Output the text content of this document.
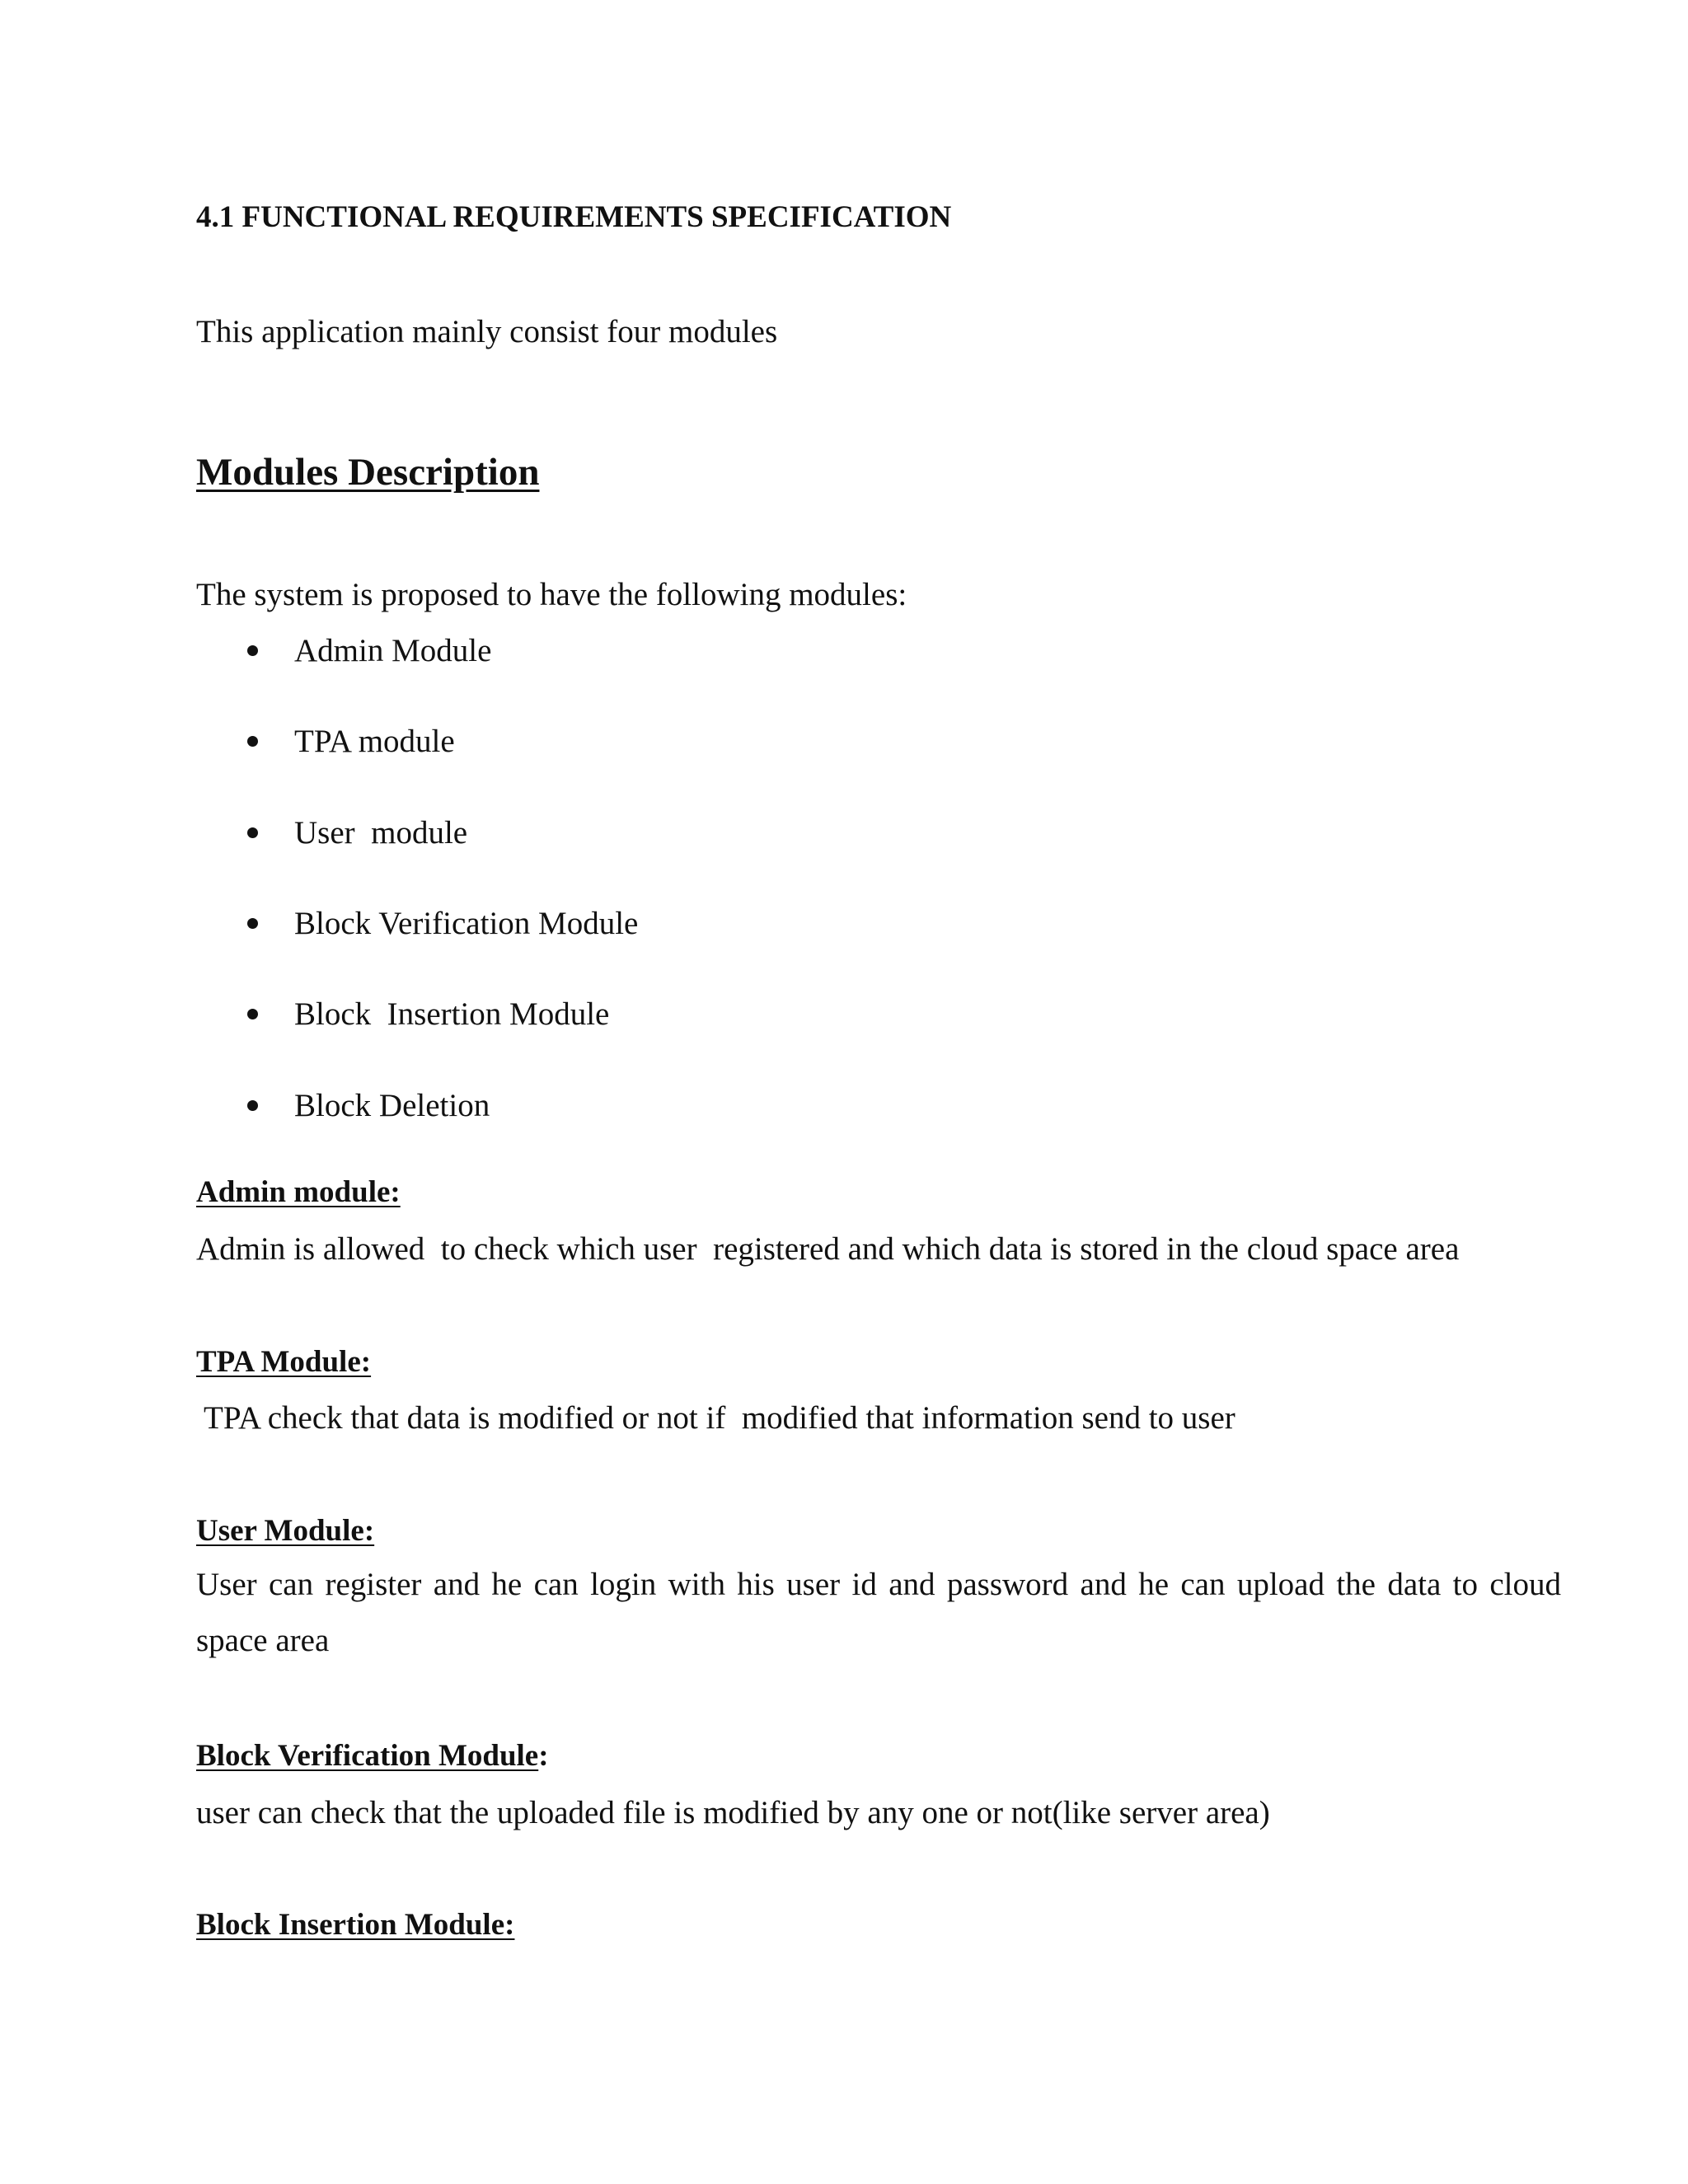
4.1 FUNCTIONAL REQUIREMENTS SPECIFICATION
This application mainly consist four modules
Modules Description
The system is proposed to have the following modules:
Admin Module
TPA module
User  module
Block Verification Module
Block  Insertion Module
Block Deletion
Admin module:
Admin is allowed  to check which user  registered and which data is stored in the cloud space area
TPA Module:
TPA check that data is modified or not if  modified that information send to user
User Module:
User can register and he can login with his user id and password and he can upload the data to cloud space area
Block Verification Module:
user can check that the uploaded file is modified by any one or not(like server area)
Block Insertion Module:
